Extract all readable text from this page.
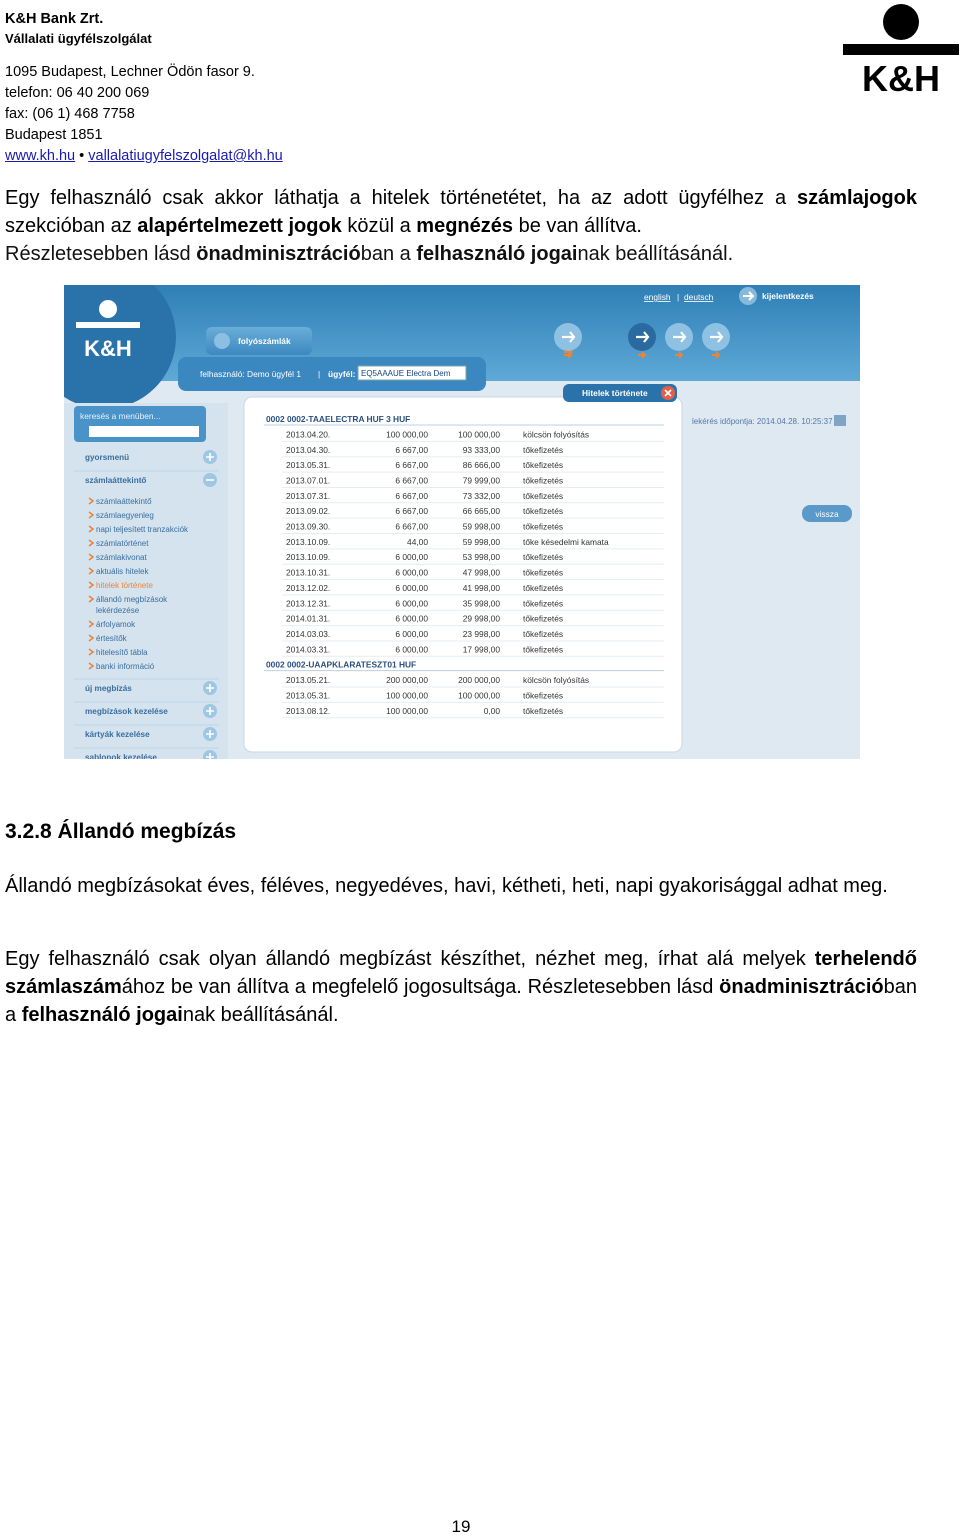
K&H Bank Zrt.
Vállalati ügyfélszolgálat
1095 Budapest, Lechner Ödön fasor 9.
telefon: 06 40 200 069
fax: (06 1) 468 7758
Budapest 1851
www.kh.hu • vallalatiugyfelszolgalat@kh.hu
K&H
Egy felhasználó csak akkor láthatja a hitelek történetétet, ha az adott ügyfélhez a számlajogok szekcióban az alapértelmezett jogok közül a megnézés be van állítva.
Részletesebben lásd önadminisztrációban a felhasználó jogainak beállításánál.
K&H
english | deutsch	kijelentkezés
folyószámlák
felhasználó: Demo ügyfél 1 | ügyfél: EQ5AAAUE Electra Dem
keresés a menüben...
gyorsmenü
számlaáttekintő
számlaáttekintő
számlaegyenleg
napi teljesített tranzakciók
számlatörténet
számlakivonat
aktuális hitelek
hitelek története
állandó megbízások
lekérdezése
árfolyamok
értesítők
hitelesítő tábla
banki információ
új megbízás
megbízások kezelése
kártyák kezelése
sablonok kezelése
lekérés időpontja: 2014.04.28. 10:25:37
vissza
Hitelek története
0002 0002-TAAELECTRA HUF 3 HUF
2013.04.20.	100 000,00	100 000,00	kölcsön folyósítás
2013.04.30.	6 667,00	93 333,00	tőkefizetés
2013.05.31.	6 667,00	86 666,00	tőkefizetés
2013.07.01.	6 667,00	79 999,00	tőkefizetés
2013.07.31.	6 667,00	73 332,00	tőkefizetés
2013.09.02.	6 667,00	66 665,00	tőkefizetés
2013.09.30.	6 667,00	59 998,00	tőkefizetés
2013.10.09.	44,00	59 998,00	tőke késedelmi kamata
2013.10.09.	6 000,00	53 998,00	tőkefizetés
2013.10.31.	6 000,00	47 998,00	tőkefizetés
2013.12.02.	6 000,00	41 998,00	tőkefizetés
2013.12.31.	6 000,00	35 998,00	tőkefizetés
2014.01.31.	6 000,00	29 998,00	tőkefizetés
2014.03.03.	6 000,00	23 998,00	tőkefizetés
2014.03.31.	6 000,00	17 998,00	tőkefizetés
0002 0002-UAAPKLARATESZT01 HUF
2013.05.21.	200 000,00	200 000,00	kölcsön folyósítás
2013.05.31.	100 000,00	100 000,00	tőkefizetés
2013.08.12.	100 000,00	0,00	tőkefizetés
3.2.8 Állandó megbízás
Állandó megbízásokat éves, féléves, negyedéves, havi, kétheti, heti, napi gyakorisággal adhat meg.
Egy felhasználó csak olyan állandó megbízást készíthet, nézhet meg, írhat alá melyek terhelendő számlaszámához be van állítva a megfelelő jogosultsága. Részletesebben lásd önadminisztrációban a felhasználó jogainak beállításánál.
19
